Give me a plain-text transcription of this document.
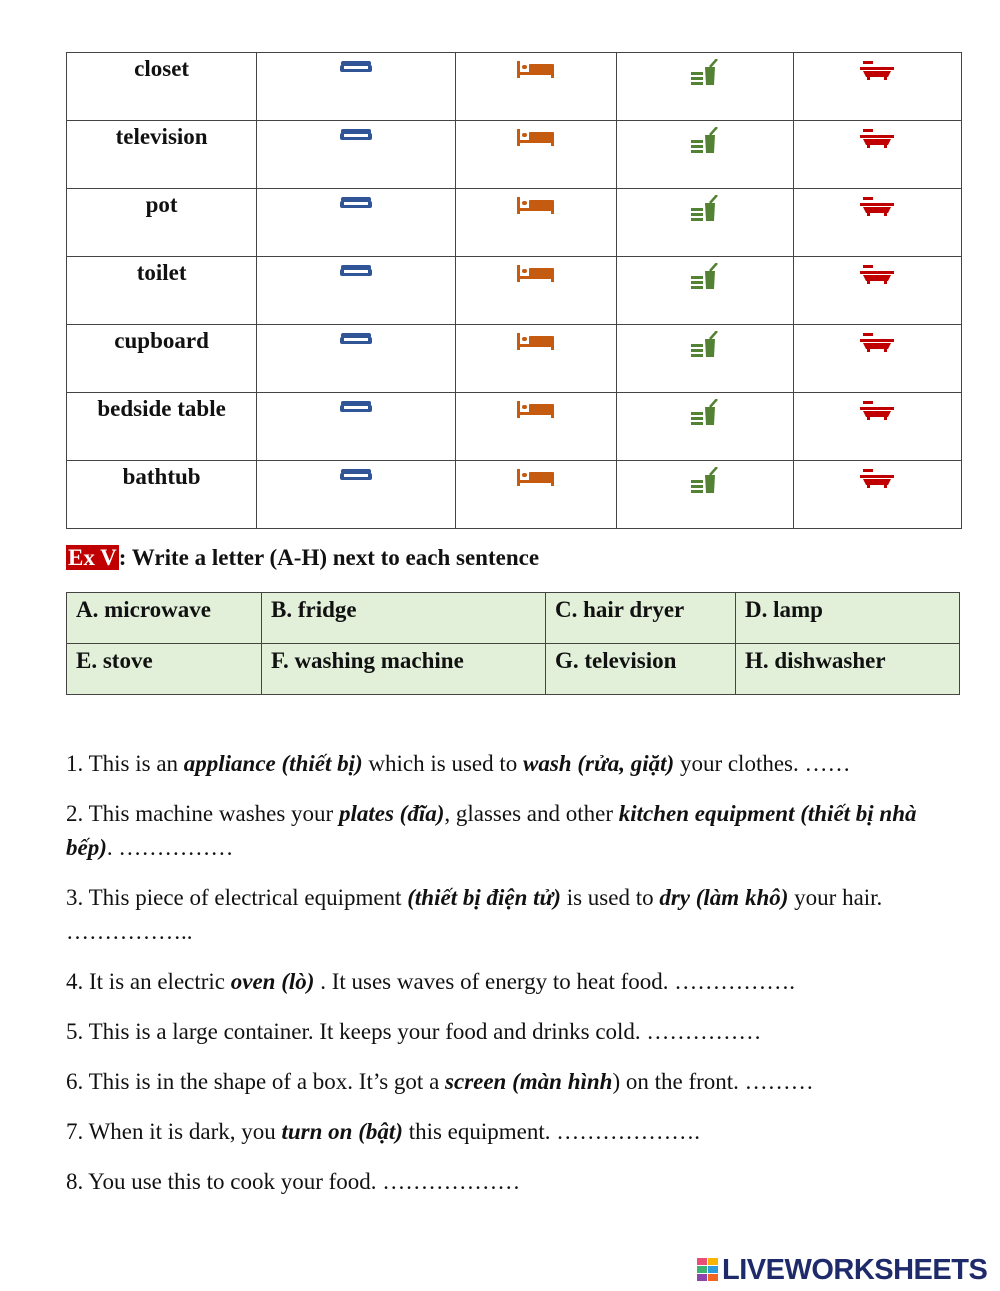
closet				
television				
pot				
toilet				
cupboard				
bedside table				
bathtub				
Ex V: Write a letter (A-H) next to each sentence
A. microwave	B. fridge	C. hair dryer	D. lamp
E. stove	F. washing machine	G. television	H. dishwasher

1. This is an appliance (thiết bị) which is used to wash (rửa, giặt) your clothes. ……

2. This machine washes your plates (đĩa), glasses and other kitchen equipment (thiết bị nhà bếp). ……………

3. This piece of electrical equipment (thiết bị điện tử) is used to dry (làm khô) your hair. ……………..

4. It is an electric oven (lò) . It uses waves of energy to heat food. …………….

5. This is a large container. It keeps your food and drinks cold. ……………

6. This is in the shape of a box. It’s got a screen (màn hình) on the front. ………

7. When it is dark, you turn on (bật) this equipment. ……………….

8. You use this to cook your food. ………………

LIVEWORKSHEETS
